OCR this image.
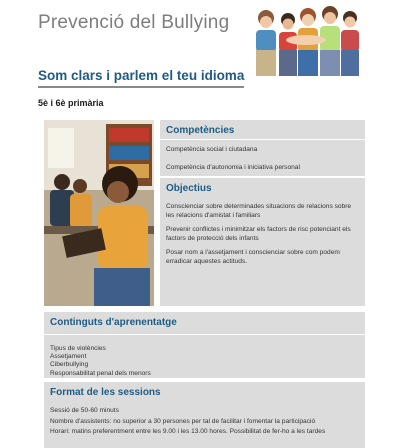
Prevenció del Bullying
Som clars i parlem el teu idioma
5è i 6è primària
Competències

Competència social i ciutadana

Competència d'autonomia i iniciativa personal

Objectius

Conscienciar sobre determinades situacions de relacions sobre les relacions d'amistat i familiars

Prevenir conflictes i minimitzar els factors de risc potenciant els factors de protecció dels infants

Posar nom a l'assetjament i conscienciar sobre com podem erradicar aquestes actituds.

Continguts d'aprenentatge
Tipus de violències
Assetjament
Ciberbullying
Responsabilitat penal dels menors
Format de les sessions
Sessió de 50-60 minuts
Nombre d'assistents: no superior a 30 persones per tal de facilitar i fomentar la participació
Horari: matins preferentment entre les 9.00 i les 13.00 hores. Possibilitat de fer-ho a les tardes
